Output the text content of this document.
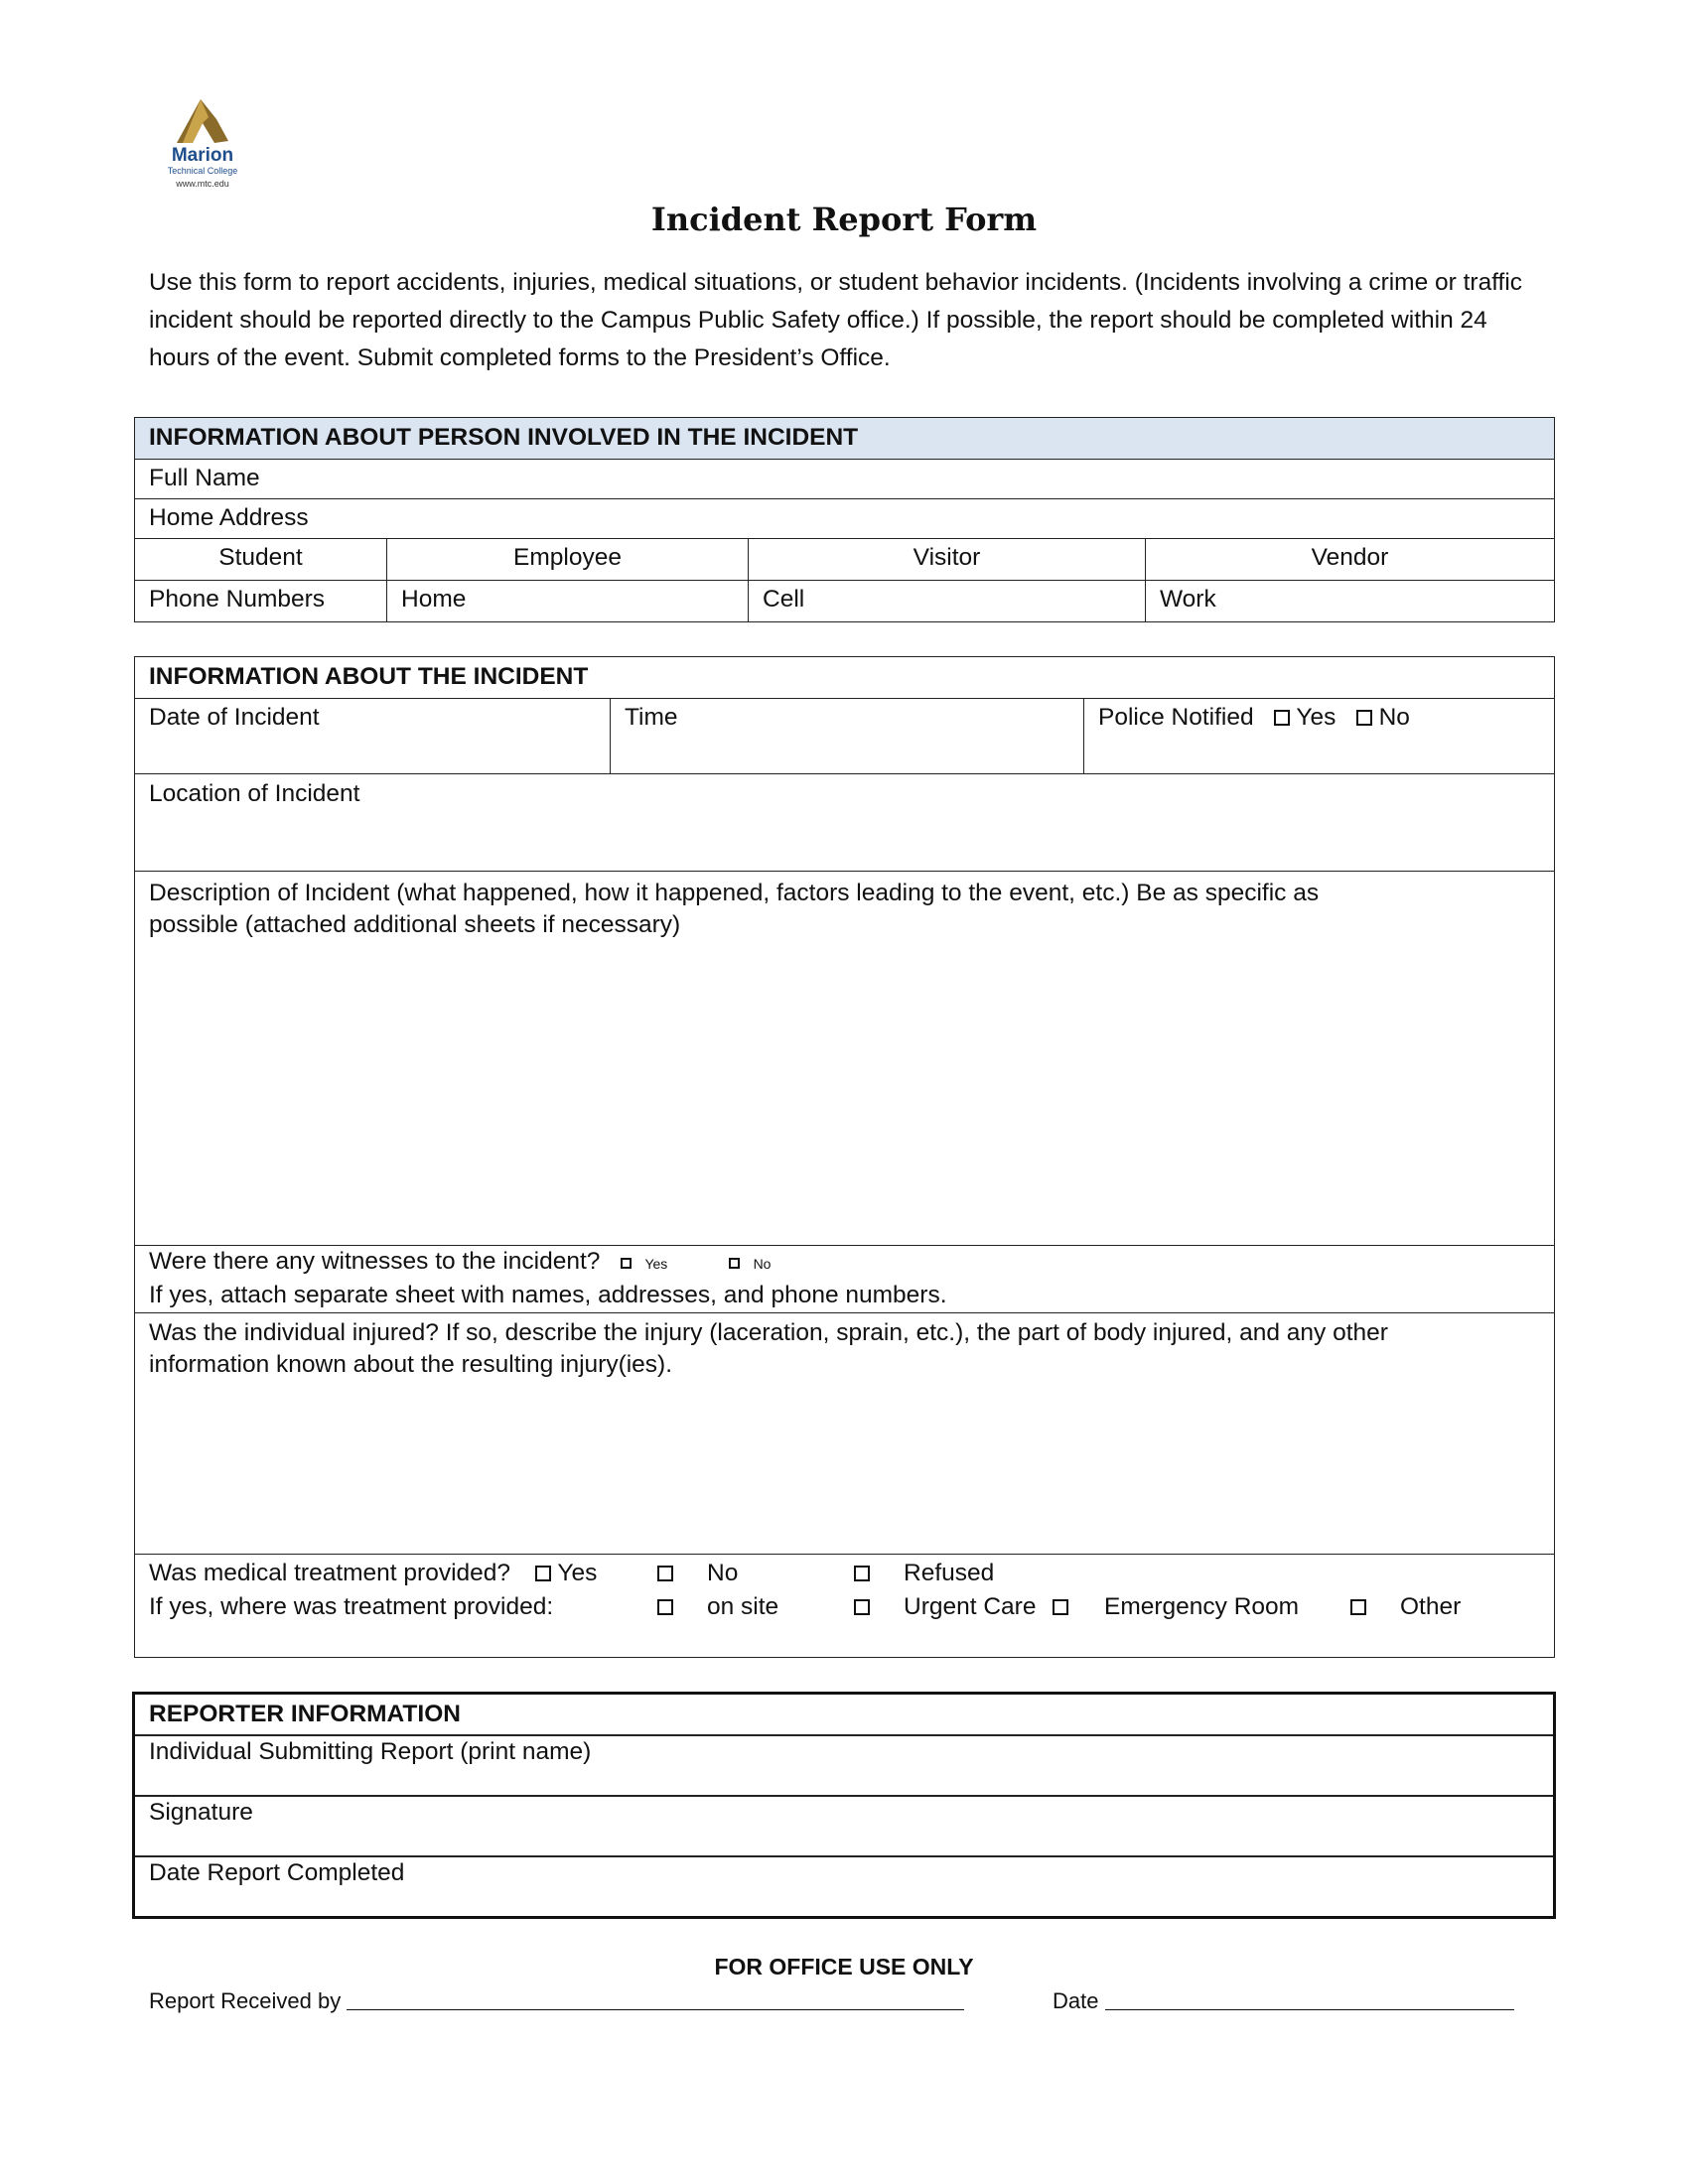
Marion
Technical College
www.mtc.edu
Incident Report Form

Use this form to report accidents, injuries, medical situations, or student behavior incidents. (Incidents involving a crime or traffic incident should be reported directly to the Campus Public Safety office.) If possible, the report should be completed within 24 hours of the event. Submit completed forms to the President’s Office.

INFORMATION ABOUT PERSON INVOLVED IN THE INCIDENT			
Full Name			
Home Address			
Student	Employee	Visitor	Vendor
Phone Numbers	Home	Cell	Work
INFORMATION ABOUT THE INCIDENT
Date of Incident	Time	Police Notified Yes No
Location of Incident

Description of Incident (what happened, how it happened, factors leading to the event, etc.) Be as specific as
possible (attached additional sheets if necessary)

Were there any witnesses to the incident?	Yes	No
If yes, attach separate sheet with names, addresses, and phone numbers.

Was the individual injured? If so, describe the injury (laceration, sprain, etc.), the part of body injured, and any other
information known about the resulting injury(ies).

Was medical treatment provided?	Yes	No	Refused
If yes, where was treatment provided:	on site	Urgent Care	Emergency Room	Other
REPORTER INFORMATION
Individual Submitting Report (print name)
Signature
Date Report Completed
FOR OFFICE USE ONLY
Report Received by	Date
